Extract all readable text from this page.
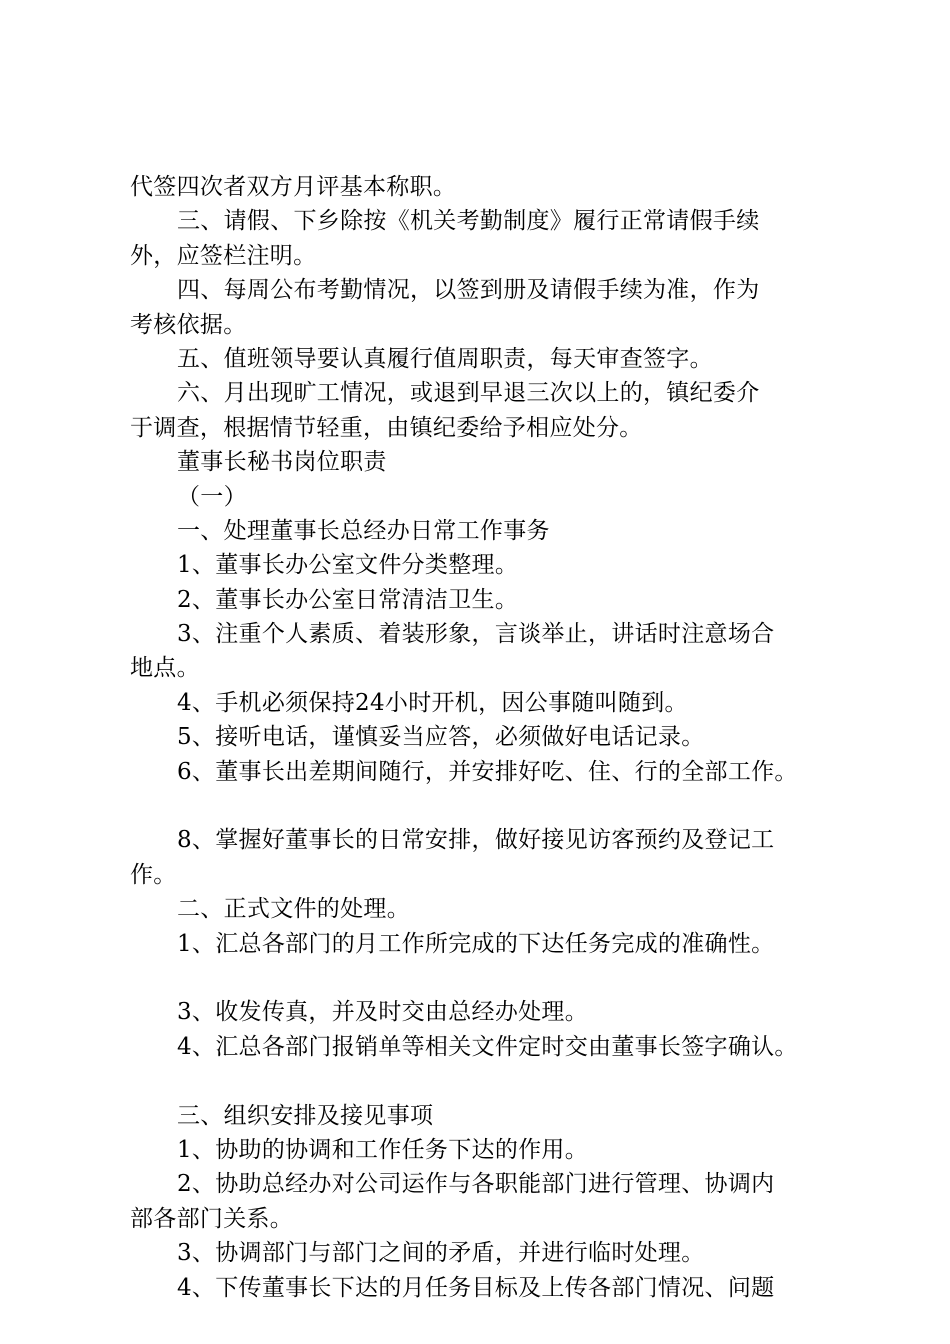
代签四次者双方月评基本称职。
三、请假、下乡除按《机关考勤制度》履行正常请假手续
外，应签栏注明。
四、每周公布考勤情况，以签到册及请假手续为准，作为
考核依据。
五、值班领导要认真履行值周职责，每天审查签字。
六、月出现旷工情况，或退到早退三次以上的，镇纪委介
于调查，根据情节轻重，由镇纪委给予相应处分。
董事长秘书岗位职责
（一）
一、处理董事长总经办日常工作事务
1、董事长办公室文件分类整理。
2、董事长办公室日常清洁卫生。
3、注重个人素质、着装形象，言谈举止，讲话时注意场合
地点。
4、手机必须保持24小时开机，因公事随叫随到。
5、接听电话，谨慎妥当应答，必须做好电话记录。
6、董事长出差期间随行，并安排好吃、住、行的全部工作。
8、掌握好董事长的日常安排，做好接见访客预约及登记工
作。
二、正式文件的处理。
1、汇总各部门的月工作所完成的下达任务完成的准确性。
3、收发传真，并及时交由总经办处理。
4、汇总各部门报销单等相关文件定时交由董事长签字确认。
三、组织安排及接见事项
1、协助的协调和工作任务下达的作用。
2、协助总经办对公司运作与各职能部门进行管理、协调内
部各部门关系。
3、协调部门与部门之间的矛盾，并进行临时处理。
4、下传董事长下达的月任务目标及上传各部门情况、问题
